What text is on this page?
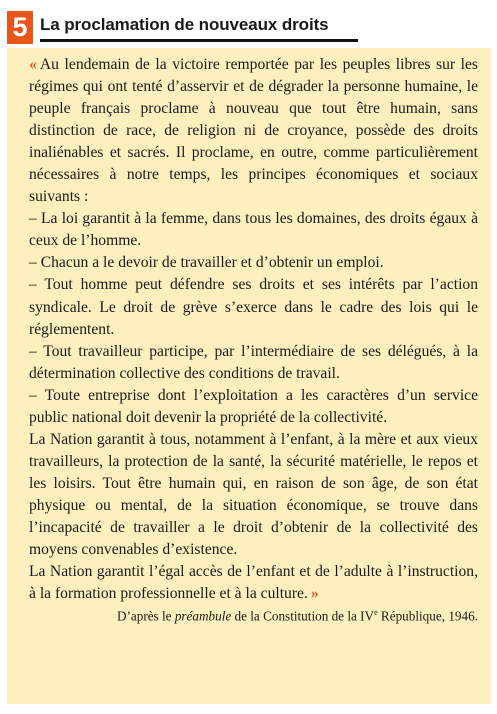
5 La proclamation de nouveaux droits

«  Au lendemain de la victoire remportée par les peuples libres sur les régimes qui ont tenté d’asservir et de dégrader la personne humaine, le peuple français proclame à nouveau que tout être humain, sans distinction de race, de religion ni de croyance, possède des droits inaliénables et sacrés. Il proclame, en outre, comme particulièrement nécessaires à notre temps, les principes économiques et sociaux suivants :

– La loi garantit à la femme, dans tous les domaines, des droits égaux à ceux de l’homme.

– Chacun a le devoir de travailler et d’obtenir un emploi.

– Tout homme peut défendre ses droits et ses intérêts par l’action syndicale. Le droit de grève s’exerce dans le cadre des lois qui le réglementent.

– Tout travailleur participe, par l’intermédiaire de ses délégués, à la détermination collective des conditions de travail.

– Toute entreprise dont l’exploitation a les caractères d’un service public national doit devenir la propriété de la collectivité.

La Nation garantit à tous, notamment à l’enfant, à la mère et aux vieux travailleurs, la protection de la santé, la sécurité matérielle, le repos et les loisirs. Tout être humain qui, en raison de son âge, de son état physique ou mental, de la situation économique, se trouve dans l’incapacité de travailler a le droit d’obtenir de la collectivité des moyens convenables d’existence.

La Nation garantit l’égal accès de l’enfant et de l’adulte à l’instruction, à la formation professionnelle et à la culture.  »

D’après le préambule de la Constitution de la IVe République, 1946.
